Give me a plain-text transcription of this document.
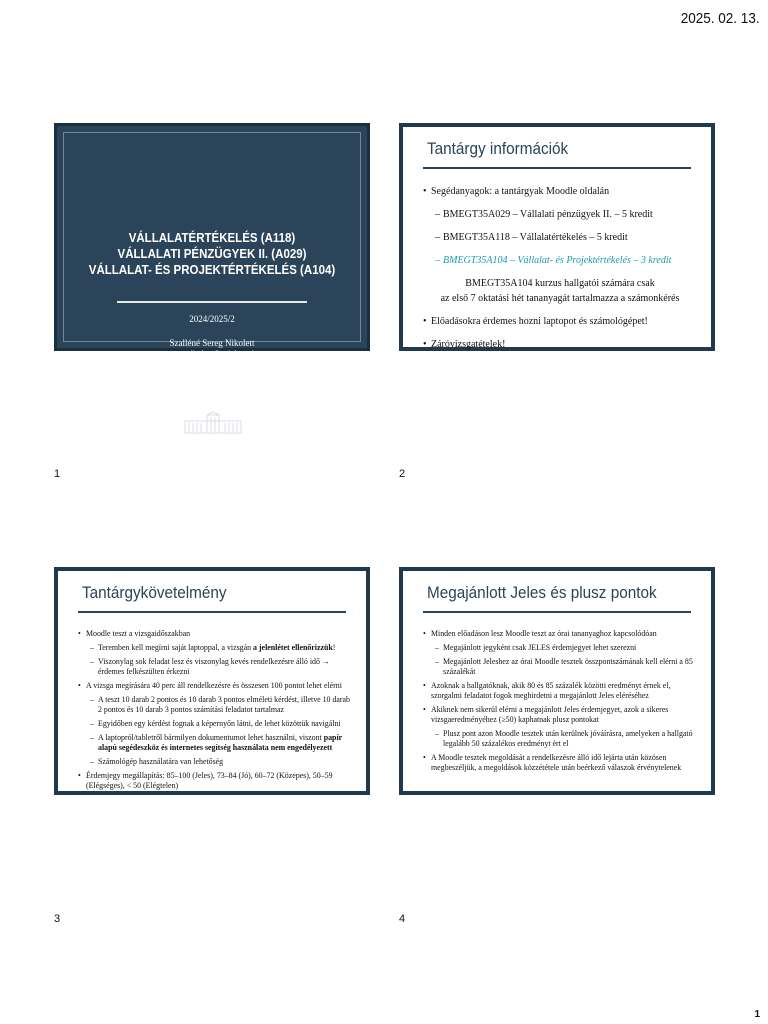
2025. 02. 13.
VÁLLALATÉRTÉKELÉS (A118)
VÁLLALATI PÉNZÜGYEK II. (A029)
VÁLLALAT- ÉS PROJEKTÉRTÉKELÉS (A104)
2024/2025/2
Szalléné Sereg Nikolett
sereg.nikolett@gtk.bme.hu
1
Tantárgy információk

• Segédanyagok: a tantárgyak Moodle oldalán

– BMEGT35A029 – Vállalati pénzügyek II. – 5 kredit

– BMEGT35A118 – Vállalatértékelés – 5 kredit

– BMEGT35A104 – Vállalat- és Projektértékelés – 3 kredit

BMEGT35A104 kurzus hallgatói számára csak

az első 7 oktatási hét tananyagát tartalmazza a számonkérés

• Előadásokra érdemes hozni laptopot és számológépet!

• Záróvizsgatételek!

2
Tantárgykövetelmény

• Moodle teszt a vizsgaidőszakban

– Teremben kell megírni saját laptoppal, a vizsgán a jelenlétet ellenőrizzük!

– Viszonylag sok feladat lesz és viszonylag kevés rendelkezésre álló idő → érdemes felkészülten érkezni

• A vizsga megírására 40 perc áll rendelkezésre és összesen 100 pontot lehet elérni

– A teszt 10 darab 2 pontos és 10 darab 3 pontos elméleti kérdést, illetve 10 darab 2 pontos és 10 darab 3 pontos számítási feladatot tartalmaz

– Egyidőben egy kérdést fognak a képernyőn látni, de lehet közöttük navigálni

– A laptopról/tabletről bármilyen dokumentumot lehet használni, viszont papír alapú segédeszköz és internetes segítség használata nem engedélyezett

– Számológép használatára van lehetőség

• Érdemjegy megállapítás: 85–100 (Jeles), 73–84 (Jó), 60–72 (Közepes), 50–59 (Elégséges), < 50 (Elégtelen)

3
Megajánlott Jeles és plusz pontok

• Minden előadáson lesz Moodle teszt az órai tananyaghoz kapcsolódóan

– Megajánlott jegyként csak JELES érdemjegyet lehet szerezni

– Megajánlott Jeleshez az órai Moodle tesztek összpontszámának kell elérni a 85 százalékát

• Azoknak a hallgatóknak, akik 80 és 85 százalék közötti eredményt érnek el, szorgalmi feladatot fogok meghirdetni a megajánlott Jeles eléréséhez

• Akiknek nem sikerül elérni a megajánlott Jeles érdemjegyet, azok a sikeres vizsgaeredményéhez (≥50) kaphatnak plusz pontokat

– Plusz pont azon Moodle tesztek után kerülnek jóváírásra, amelyeken a hallgató legalább 50 százalékos eredményt ért el

• A Moodle tesztek megoldását a rendelkezésre álló idő lejárta után közösen megbeszéljük, a megoldások közzététele után beérkező válaszok érvénytelenek

4
1
